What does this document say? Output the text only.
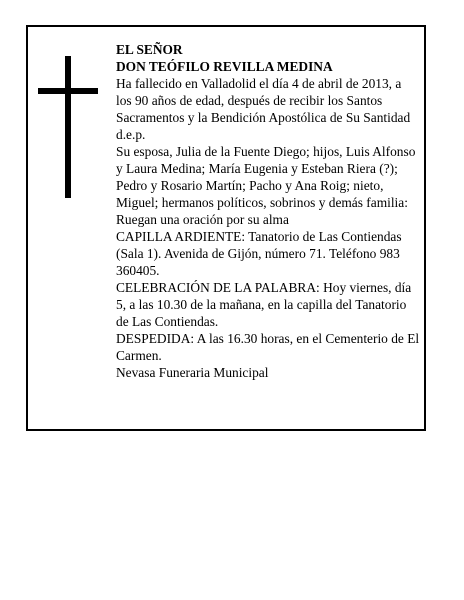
EL SEÑOR

DON TEÓFILO REVILLA MEDINA

Ha fallecido en Valladolid el día 4 de abril de 2013, a los 90 años de edad, después de recibir los Santos Sacramentos y la Bendición Apostólica de Su Santidad d.e.p.

Su esposa, Julia de la Fuente Diego; hijos, Luis Alfonso y Laura Medina; María Eugenia y Esteban Riera (?); Pedro y Rosario Martín; Pacho y Ana Roig; nieto, Miguel; hermanos políticos, sobrinos y demás familia:

Ruegan una oración por su alma

CAPILLA ARDIENTE: Tanatorio de Las Contiendas (Sala 1). Avenida de Gijón, número 71. Teléfono 983 360405.

CELEBRACIÓN DE LA PALABRA: Hoy viernes, día 5, a las 10.30 de la mañana, en la capilla del Tanatorio de Las Contiendas.

DESPEDIDA: A las 16.30 horas, en el Cementerio de El Carmen.

Nevasa Funeraria Municipal
